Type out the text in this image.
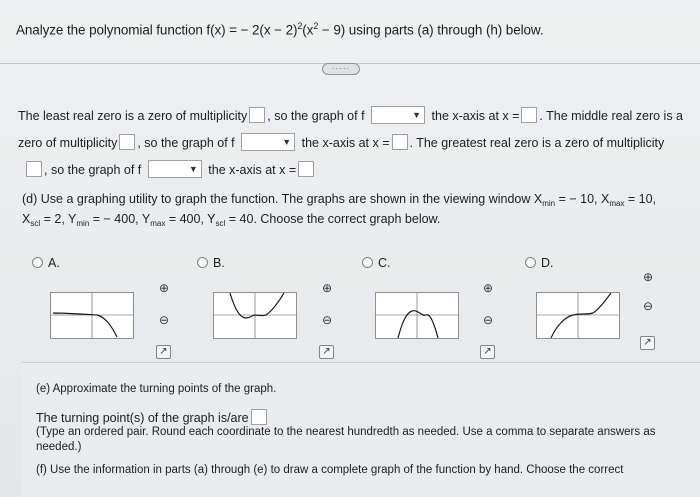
Analyze the polynomial function f(x) = − $2(x - 2)^2(x^2 - 9)$ using parts (a) through (h) below.
·····
The least real zero is a zero of multiplicity , so the graph of f	▼ the x-axis at x = . The middle real zero is a
zero of multiplicity , so the graph of f	▼ the x-axis at x = . The greatest real zero is a zero of multiplicity
, so the graph of f	▼ the x-axis at x =
(d) Use a graphing utility to graph the function. The graphs are shown in the viewing window $X_{min}$ = − 10, $X_{max} = 10$,
$X_{scl} = 2$, $Y_{min}$ = − 400, $Y_{max} = 400$, $Y_{scl} = 40$. Choose the correct graph below.
A.	B.	C.	D.
⊕
⊖
↗
⊕
⊖
↗
⊕
⊖
↗
⊕
⊖
↗
(e) Approximate the turning points of the graph.
The turning point(s) of the graph is/are
(Type an ordered pair. Round each coordinate to the nearest hundredth as needed. Use a comma to separate answers as needed.)
(f) Use the information in parts (a) through (e) to draw a complete graph of the function by hand. Choose the correct
